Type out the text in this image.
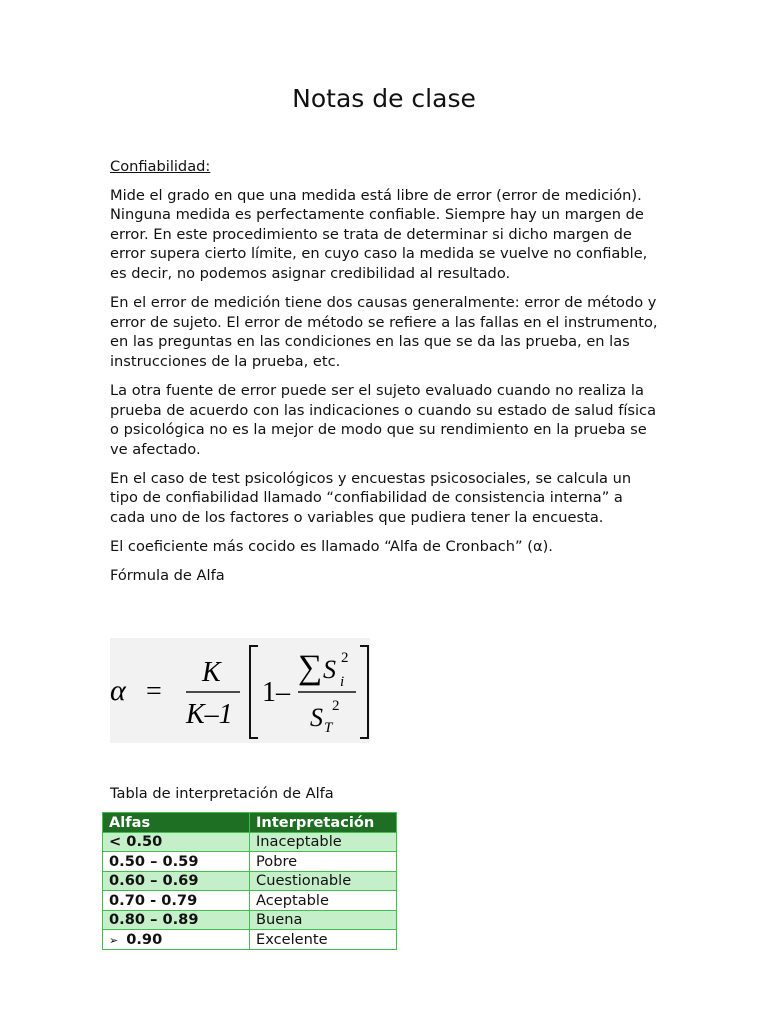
Notas de clase
Confiabilidad:

Mide el grado en que una medida está libre de error (error de medición). Ninguna medida es perfectamente confiable. Siempre hay un margen de error. En este procedimiento se trata de determinar si dicho margen de error supera cierto límite, en cuyo caso la medida se vuelve no confiable, es decir, no podemos asignar credibilidad al resultado.

En el error de medición tiene dos causas generalmente: error de método y error de sujeto. El error de método se refiere a las fallas en el instrumento, en las preguntas en las condiciones en las que se da las prueba, en las instrucciones de la prueba, etc.

La otra fuente de error puede ser el sujeto evaluado cuando no realiza la prueba de acuerdo con las indicaciones o cuando su estado de salud física o psicológica no es la mejor de modo que su rendimiento en la prueba se ve afectado.

En el caso de test psicológicos y encuestas psicosociales, se calcula un tipo de confiabilidad llamado “confiabilidad de consistencia interna” a cada uno de los factores o variables que pudiera tener la encuesta.

El coeficiente más cocido es llamado “Alfa de Cronbach” (α).

Fórmula de Alfa
α =
K
K–1
1–
∑ S i
2
S T
2
Tabla de interpretación de Alfa
Alfas	Interpretación
< 0.50	Inaceptable
0.50 – 0.59	Pobre
0.60 – 0.69	Cuestionable
0.70 - 0.79	Aceptable
0.80 – 0.89	Buena
➢ 0.90	Excelente
